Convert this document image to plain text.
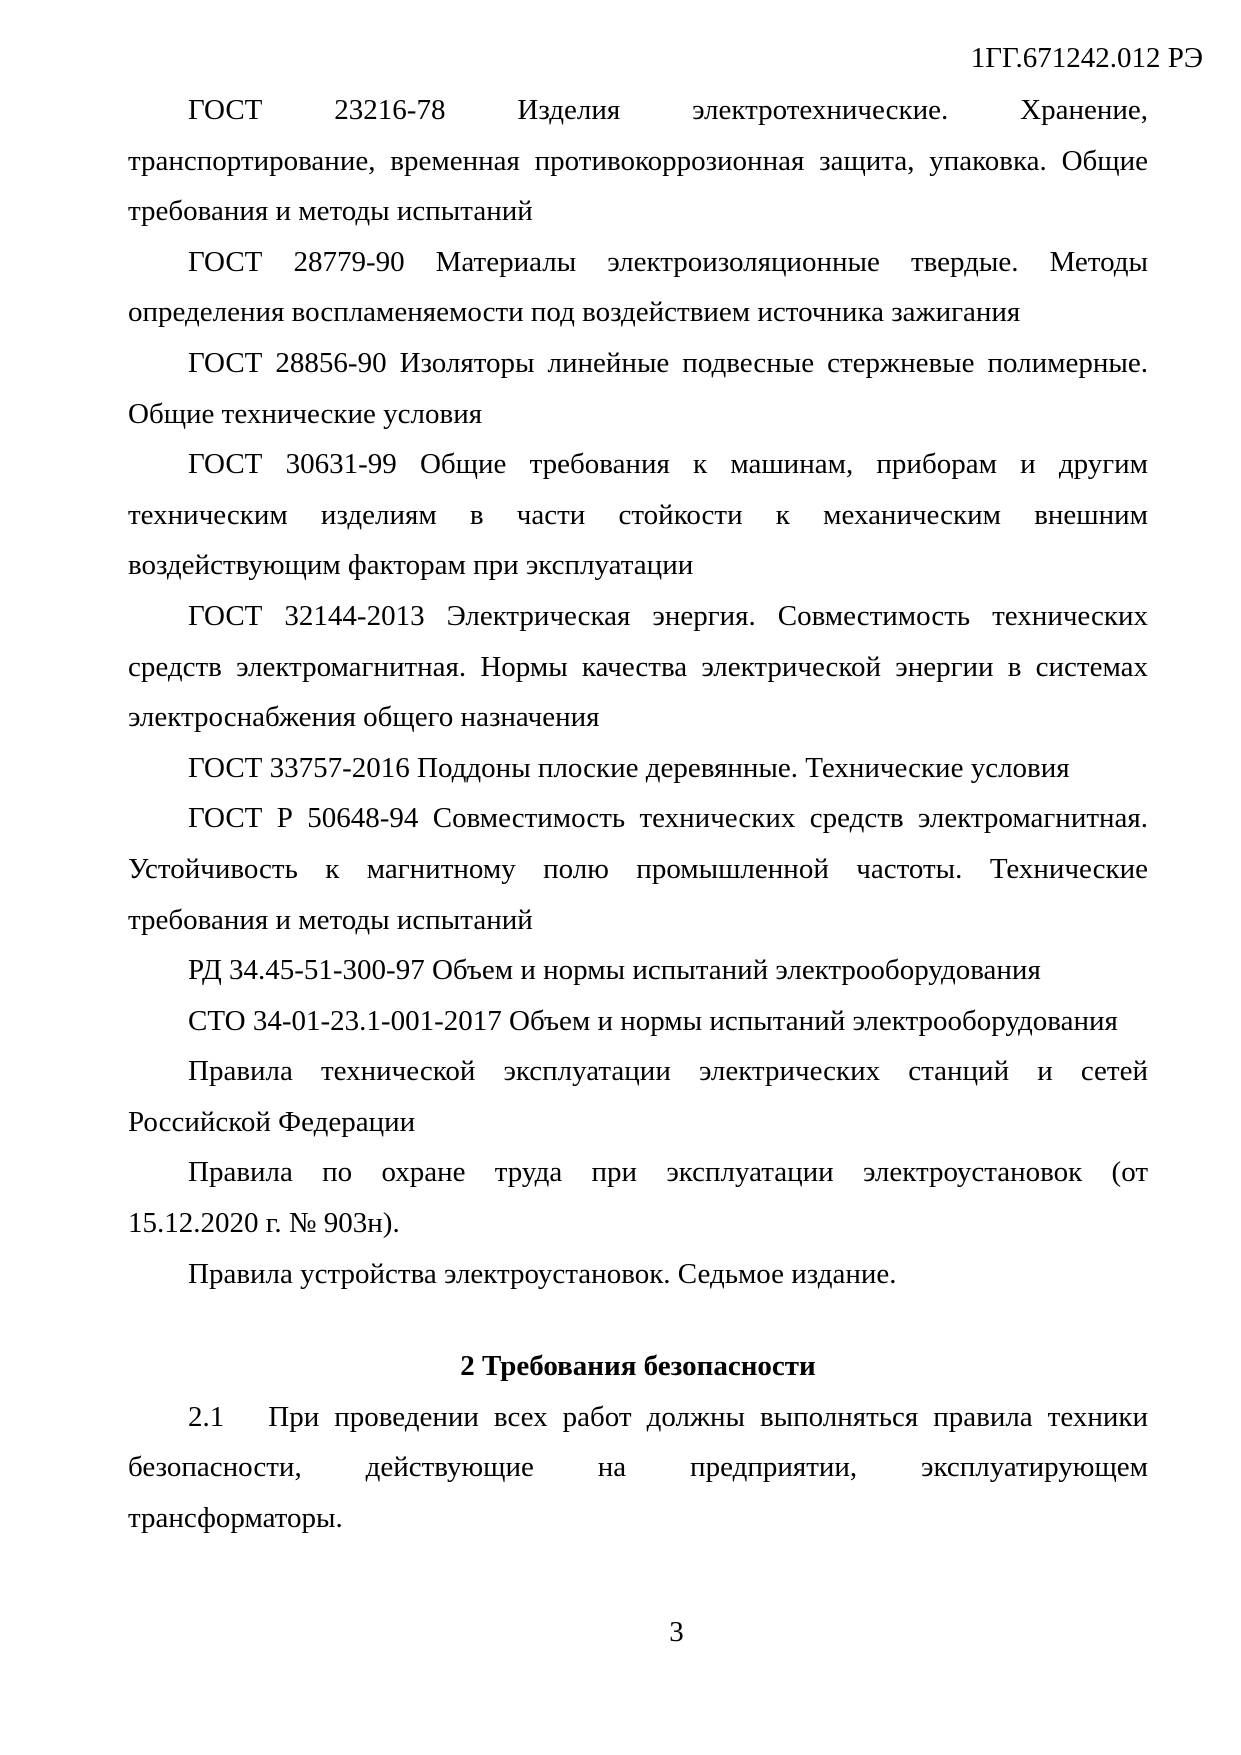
1ГГ.671242.012 РЭ
ГОСТ 23216-78 Изделия электротехнические. Хранение,
транспортирование, временная противокоррозионная защита, упаковка. Общие
требования и методы испытаний
ГОСТ 28779-90 Материалы электроизоляционные твердые. Методы
определения воспламеняемости под воздействием источника зажигания
ГОСТ 28856-90 Изоляторы линейные подвесные стержневые полимерные.
Общие технические условия
ГОСТ 30631-99 Общие требования к машинам, приборам и другим
техническим изделиям в части стойкости к механическим внешним
воздействующим факторам при эксплуатации
ГОСТ 32144-2013 Электрическая энергия. Совместимость технических
средств электромагнитная. Нормы качества электрической энергии в системах
электроснабжения общего назначения
ГОСТ 33757-2016 Поддоны плоские деревянные. Технические условия
ГОСТ Р 50648-94 Совместимость технических средств электромагнитная.
Устойчивость к магнитному полю промышленной частоты. Технические
требования и методы испытаний
РД 34.45-51-300-97 Объем и нормы испытаний электрооборудования
СТО 34-01-23.1-001-2017 Объем и нормы испытаний электрооборудования
Правила технической эксплуатации электрических станций и сетей
Российской Федерации
Правила по охране труда при эксплуатации электроустановок (от
15.12.2020 г. № 903н).
Правила устройства электроустановок. Седьмое издание.
2 Требования безопасности
2.1 При проведении всех работ должны выполняться правила техники
безопасности, действующие на предприятии, эксплуатирующем
трансформаторы.
3
